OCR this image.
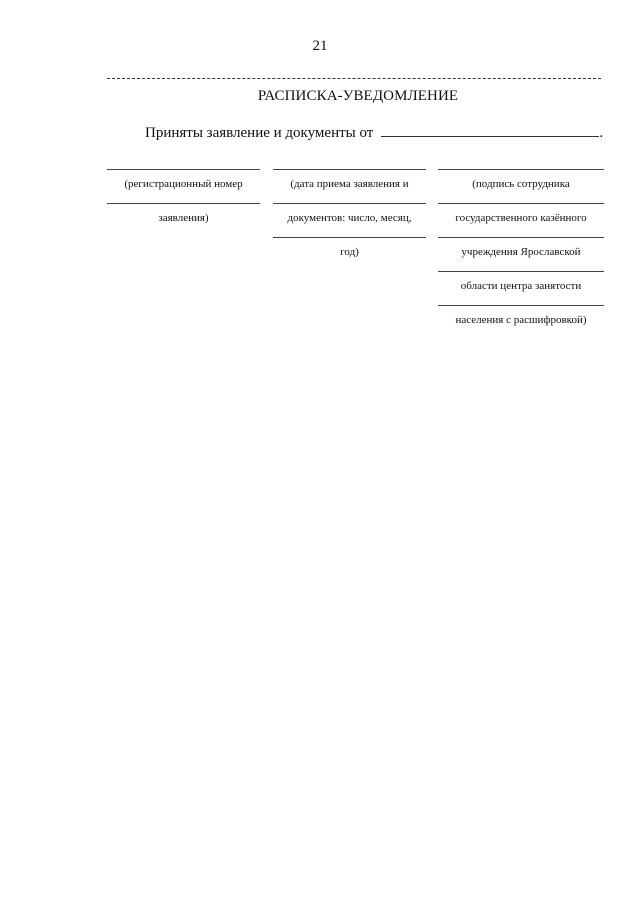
21
РАСПИСКА-УВЕДОМЛЕНИЕ
Приняты заявление и документы от	.
(регистрационный номер
заявления)
(дата приема заявления и
документов: число, месяц,
год)
(подпись сотрудника
государственного казённого
учреждения Ярославской
области центра занятости
населения с расшифровкой)
